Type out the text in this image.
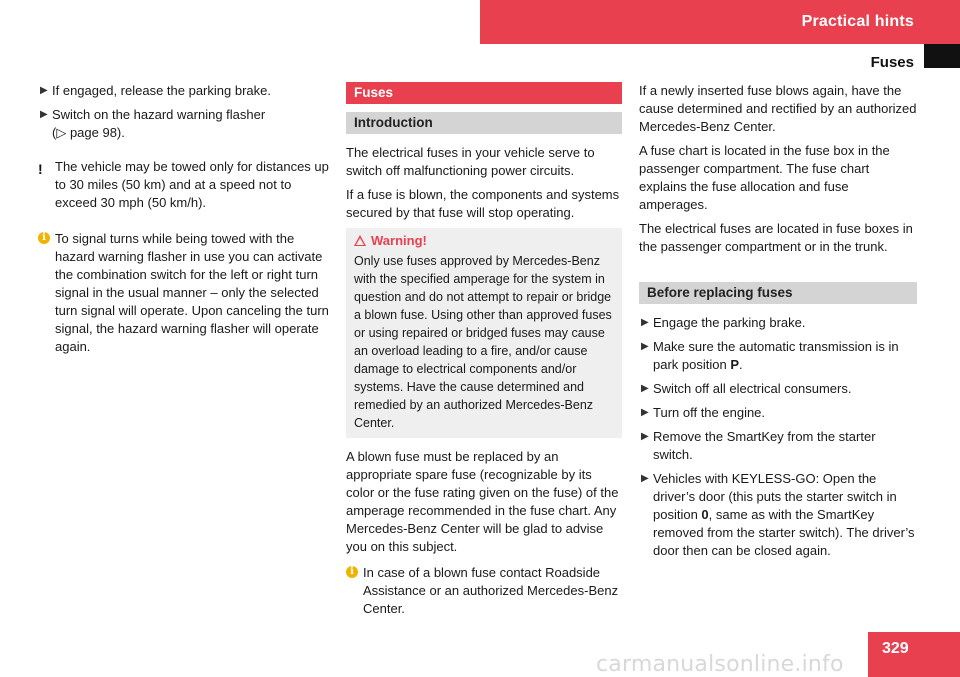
Practical hints
Fuses
▶ If engaged, release the parking brake.
▶ Switch on the hazard warning flasher
(▷ page 98).
! The vehicle may be towed only for distances up to 30 miles (50 km) and at a speed not to exceed 30 mph (50 km/h).
i To signal turns while being towed with the hazard warning flasher in use you can activate the combination switch for the left or right turn signal in the usual manner – only the selected turn signal will operate. Upon canceling the turn signal, the hazard warning flasher will operate again.
Fuses
Introduction

The electrical fuses in your vehicle serve to switch off malfunctioning power circuits.

If a fuse is blown, the components and systems secured by that fuse will stop operating.

Warning!
Only use fuses approved by Mercedes-Benz with the specified amperage for the system in question and do not attempt to repair or bridge a blown fuse. Using other than approved fuses or using repaired or bridged fuses may cause an overload leading to a fire, and/or cause damage to electrical components and/or systems. Have the cause determined and remedied by an authorized Mercedes-Benz Center.

A blown fuse must be replaced by an appropriate spare fuse (recognizable by its color or the fuse rating given on the fuse) of the amperage recommended in the fuse chart. Any Mercedes-Benz Center will be glad to advise you on this subject.

i In case of a blown fuse contact Roadside Assistance or an authorized Mercedes-Benz Center.

If a newly inserted fuse blows again, have the cause determined and rectified by an authorized Mercedes-Benz Center.

A fuse chart is located in the fuse box in the passenger compartment. The fuse chart explains the fuse allocation and fuse amperages.

The electrical fuses are located in fuse boxes in the passenger compartment or in the trunk.

Before replacing fuses
▶ Engage the parking brake.
▶ Make sure the automatic transmission is in park position P.
▶ Switch off all electrical consumers.
▶ Turn off the engine.
▶ Remove the SmartKey from the starter switch.
▶ Vehicles with KEYLESS-GO: Open the driver’s door (this puts the starter switch in position 0, same as with the SmartKey removed from the starter switch). The driver’s door then can be closed again.
329
carmanualsonline.info
